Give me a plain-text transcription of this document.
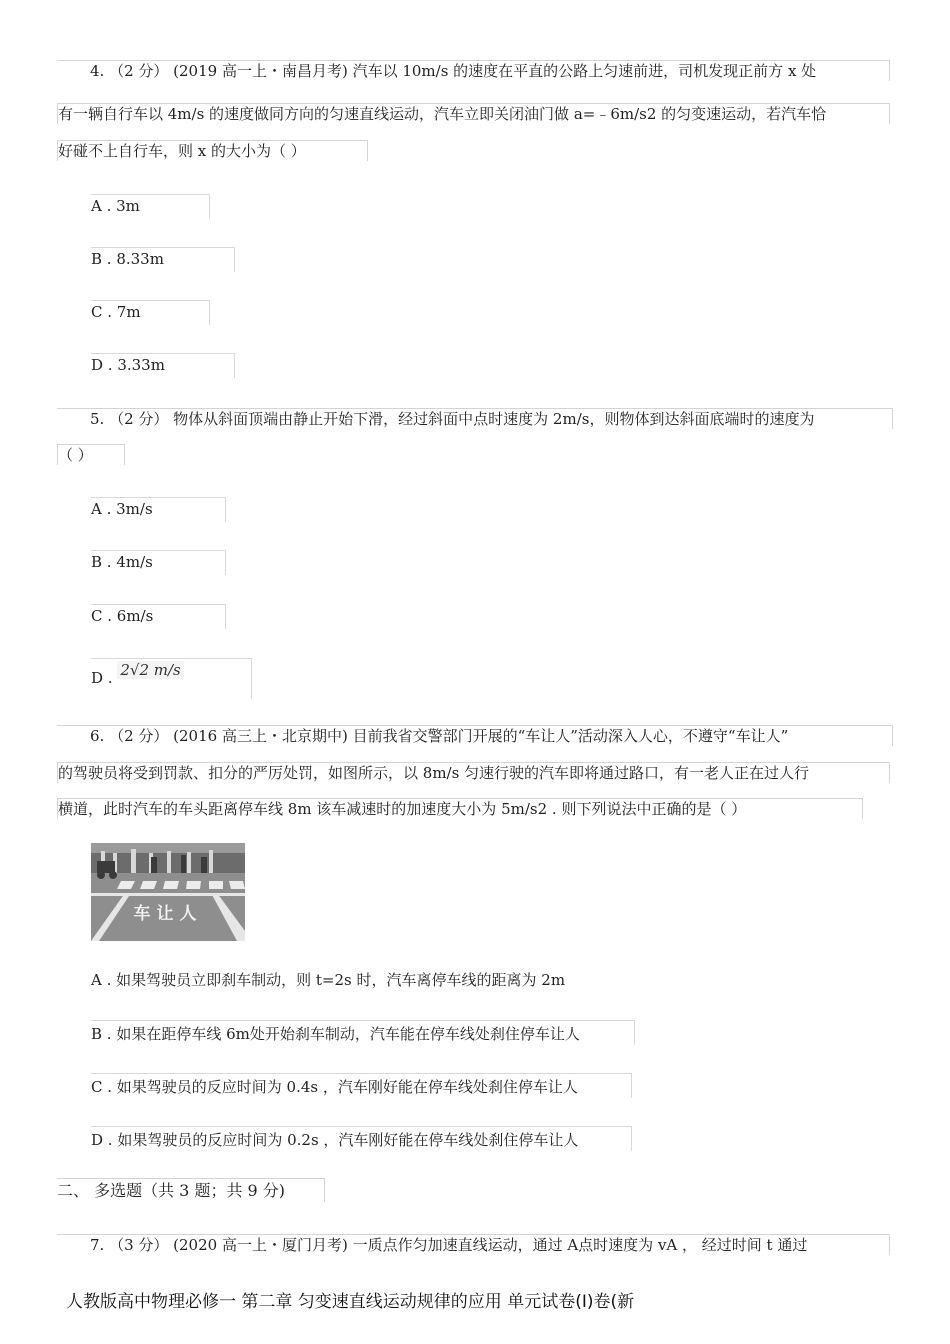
4. （2 分） (2019 高一上・南昌月考) 汽车以 10m/s 的速度在平直的公路上匀速前进，司机发现正前方 x 处
有一辆自行车以 4m/s 的速度做同方向的匀速直线运动，汽车立即关闭油门做 a=﹣6m/s2 的匀变速运动，若汽车恰
好碰不上自行车，则 x 的大小为（ ）
A . 3m
B . 8.33m
C . 7m
D . 3.33m
5. （2 分） 物体从斜面顶端由静止开始下滑，经过斜面中点时速度为 2m/s，则物体到达斜面底端时的速度为
（ ）
A . 3m/s
B . 4m/s
C . 6m/s
D . 2√2 m/s
6. （2 分） (2016 高三上・北京期中) 目前我省交警部门开展的“车让人”活动深入人心，不遵守“车让人”
的驾驶员将受到罚款、扣分的严厉处罚，如图所示，以 8m/s 匀速行驶的汽车即将通过路口，有一老人正在过人行
横道，此时汽车的车头距离停车线 8m 该车减速时的加速度大小为 5m/s2 . 则下列说法中正确的是（ ）
车让人
A . 如果驾驶员立即刹车制动，则 t=2s 时，汽车离停车线的距离为 2m
B . 如果在距停车线 6m处开始刹车制动，汽车能在停车线处刹住停车让人
C . 如果驾驶员的反应时间为 0.4s ，汽车刚好能在停车线处刹住停车让人
D . 如果驾驶员的反应时间为 0.2s ，汽车刚好能在停车线处刹住停车让人
二、 多选题（共 3 题；共 9 分)
7. （3 分） (2020 高一上・厦门月考) 一质点作匀加速直线运动，通过 A点时速度为 vA ， 经过时间 t 通过
人教版高中物理必修一 第二章 匀变速直线运动规律的应用 单元试卷(I)卷(新
